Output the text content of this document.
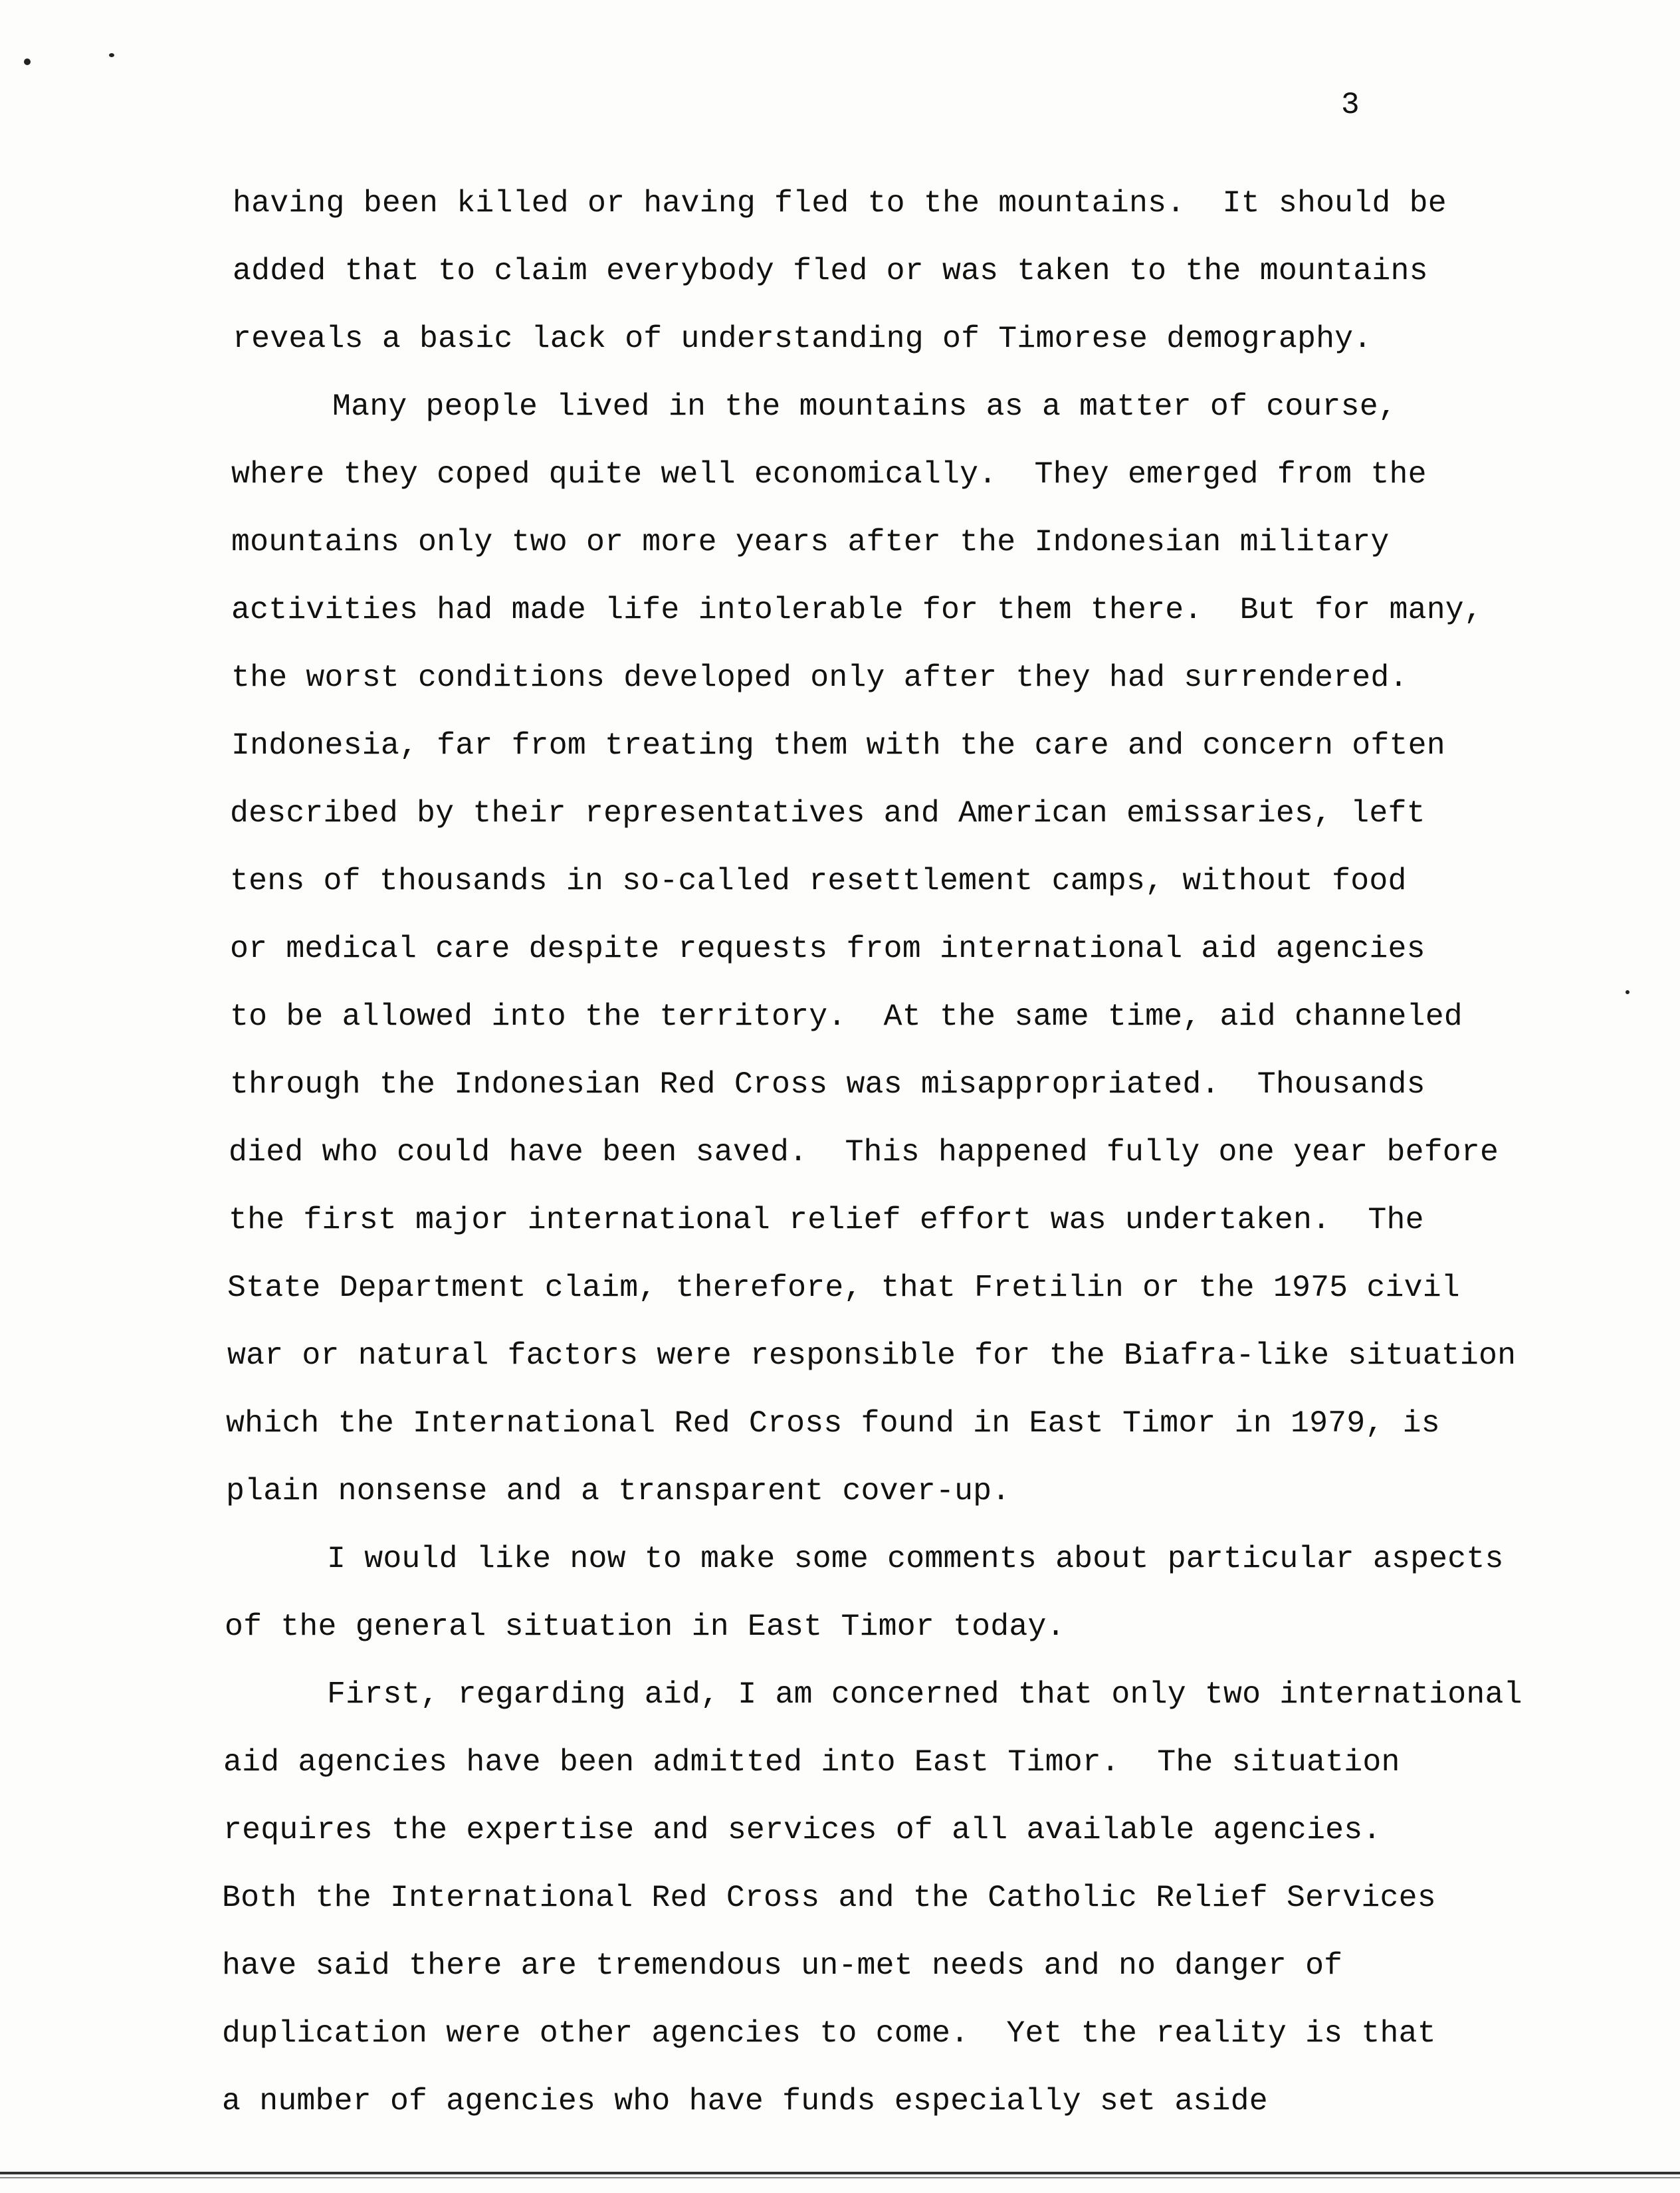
3
having been killed or having fled to the mountains.  It should be
added that to claim everybody fled or was taken to the mountains
reveals a basic lack of understanding of Timorese demography.
Many people lived in the mountains as a matter of course,
where they coped quite well economically.  They emerged from the
mountains only two or more years after the Indonesian military
activities had made life intolerable for them there.  But for many,
the worst conditions developed only after they had surrendered.
Indonesia, far from treating them with the care and concern often
described by their representatives and American emissaries, left
tens of thousands in so-called resettlement camps, without food
or medical care despite requests from international aid agencies
to be allowed into the territory.  At the same time, aid channeled
through the Indonesian Red Cross was misappropriated.  Thousands
died who could have been saved.  This happened fully one year before
the first major international relief effort was undertaken.  The
State Department claim, therefore, that Fretilin or the 1975 civil
war or natural factors were responsible for the Biafra-like situation
which the International Red Cross found in East Timor in 1979, is
plain nonsense and a transparent cover-up.
I would like now to make some comments about particular aspects
of the general situation in East Timor today.
First, regarding aid, I am concerned that only two international
aid agencies have been admitted into East Timor.  The situation
requires the expertise and services of all available agencies.
Both the International Red Cross and the Catholic Relief Services
have said there are tremendous un-met needs and no danger of
duplication were other agencies to come.  Yet the reality is that
a number of agencies who have funds especially set aside
